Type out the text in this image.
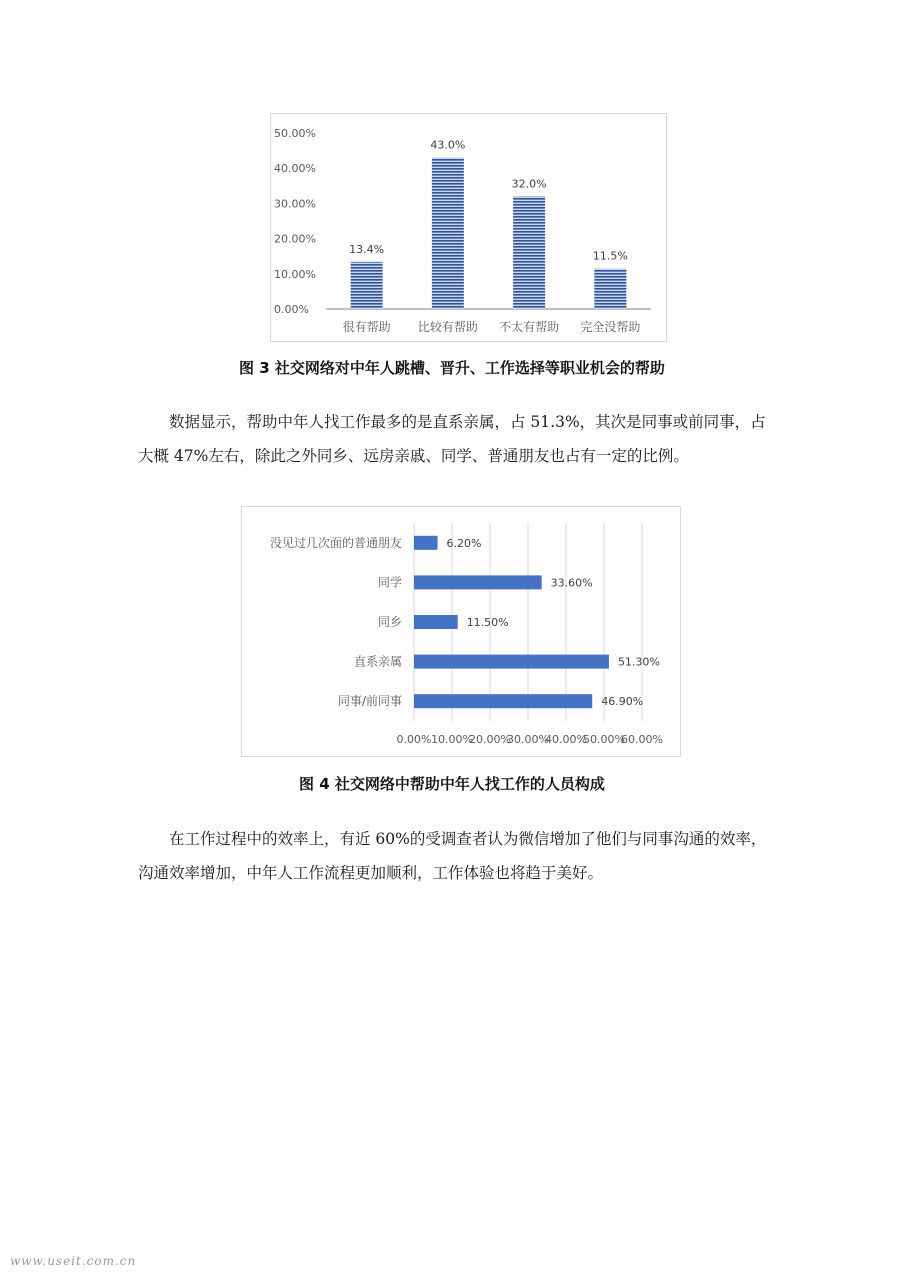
0.00%
10.00%
20.00%
30.00%
40.00%
50.00%
13.4%
很有帮助
43.0%
比较有帮助
32.0%
不太有帮助
11.5%
完全没帮助
图 3 社交网络对中年人跳槽、晋升、工作选择等职业机会的帮助

数据显示，帮助中年人找工作最多的是直系亲属，占 51.3%，其次是同事或前同事，占大概 47%左右，除此之外同乡、远房亲戚、同学、普通朋友也占有一定的比例。

0.00% 10.00%
20.00%
30.00%
40.00%
50.00%
60.00%
6.20%
没见过几次面的普通朋友
33.60%
同学
11.50%
同乡
51.30%
直系亲属
46.90%
同事/前同事
图 4 社交网络中帮助中年人找工作的人员构成

在工作过程中的效率上，有近 60%的受调查者认为微信增加了他们与同事沟通的效率，沟通效率增加，中年人工作流程更加顺利，工作体验也将趋于美好。

www.useit.com.cn
